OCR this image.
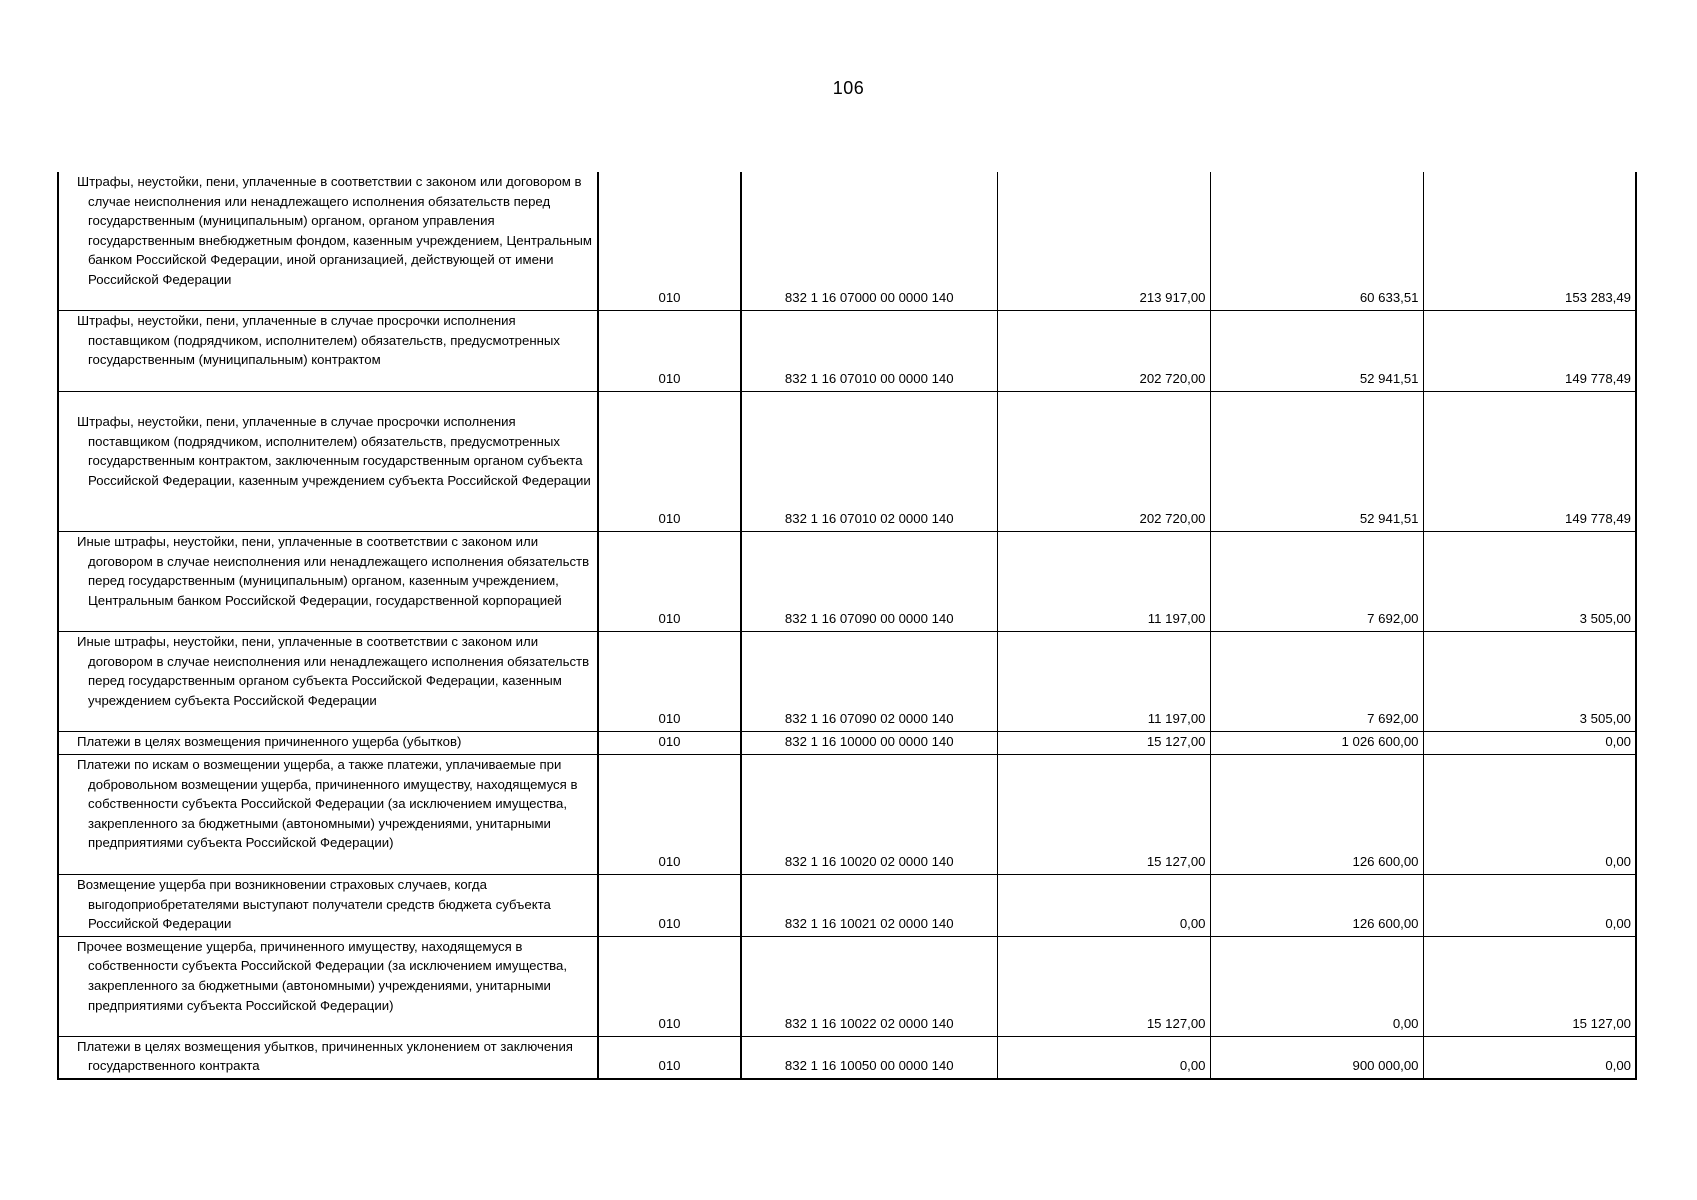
106
Штрафы, неустойки, пени, уплаченные в соответствии с законом или договором в случае неисполнения или ненадлежащего исполнения обязательств перед государственным (муниципальным) органом, органом управления государственным внебюджетным фондом, казенным учреждением, Центральным банком Российской Федерации, иной организацией, действующей от имени Российской Федерации	010	832 1 16 07000 00 0000 140	213 917,00	60 633,51	153 283,49
Штрафы, неустойки, пени, уплаченные в случае просрочки исполнения поставщиком (подрядчиком, исполнителем) обязательств, предусмотренных государственным (муниципальным) контрактом	010	832 1 16 07010 00 0000 140	202 720,00	52 941,51	149 778,49
Штрафы, неустойки, пени, уплаченные в случае просрочки исполнения поставщиком (подрядчиком, исполнителем) обязательств, предусмотренных государственным контрактом, заключенным государственным органом субъекта Российской Федерации, казенным учреждением субъекта Российской Федерации	010	832 1 16 07010 02 0000 140	202 720,00	52 941,51	149 778,49
Иные штрафы, неустойки, пени, уплаченные в соответствии с законом или договором в случае неисполнения или ненадлежащего исполнения обязательств перед государственным (муниципальным) органом, казенным учреждением, Центральным банком Российской Федерации, государственной корпорацией	010	832 1 16 07090 00 0000 140	11 197,00	7 692,00	3 505,00
Иные штрафы, неустойки, пени, уплаченные в соответствии с законом или договором в случае неисполнения или ненадлежащего исполнения обязательств перед государственным органом субъекта Российской Федерации, казенным учреждением субъекта Российской Федерации	010	832 1 16 07090 02 0000 140	11 197,00	7 692,00	3 505,00
Платежи в целях возмещения причиненного ущерба (убытков)	010	832 1 16 10000 00 0000 140	15 127,00	1 026 600,00	0,00
Платежи по искам о возмещении ущерба, а также платежи, уплачиваемые при добровольном возмещении ущерба, причиненного имуществу, находящемуся в собственности субъекта Российской Федерации (за исключением имущества, закрепленного за бюджетными (автономными) учреждениями, унитарными предприятиями субъекта Российской Федерации)	010	832 1 16 10020 02 0000 140	15 127,00	126 600,00	0,00
Возмещение ущерба при возникновении страховых случаев, когда выгодоприобретателями выступают получатели средств бюджета субъекта Российской Федерации	010	832 1 16 10021 02 0000 140	0,00	126 600,00	0,00
Прочее возмещение ущерба, причиненного имуществу, находящемуся в собственности субъекта Российской Федерации (за исключением имущества, закрепленного за бюджетными (автономными) учреждениями, унитарными предприятиями субъекта Российской Федерации)	010	832 1 16 10022 02 0000 140	15 127,00	0,00	15 127,00
Платежи в целях возмещения убытков, причиненных уклонением от заключения государственного контракта	010	832 1 16 10050 00 0000 140	0,00	900 000,00	0,00
